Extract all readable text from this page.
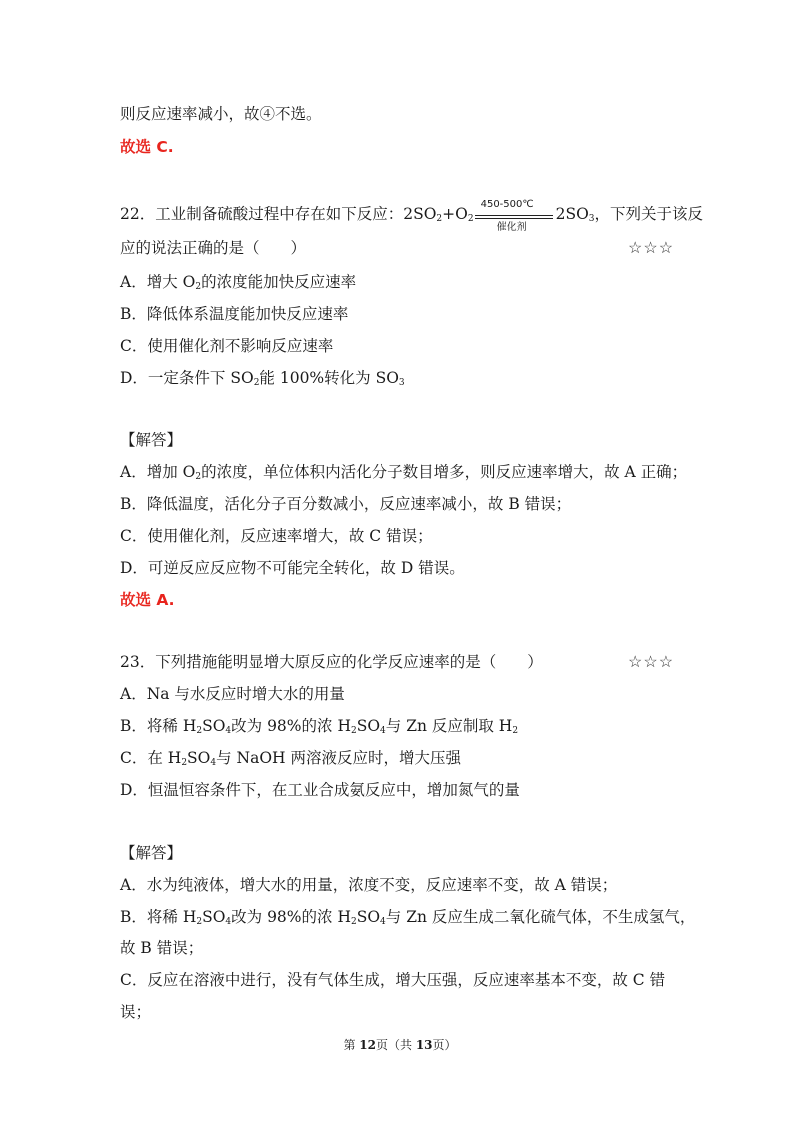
则反应速率减小，故④不选。
故选 C.
22．工业制备硫酸过程中存在如下反应：$2SO_2+O_2$
450-500℃
催化剂
$2SO_3$，下列关于该反
应的说法正确的是（　　）	☆☆☆
A．增大 $O_2$的浓度能加快反应速率
B．降低体系温度能加快反应速率
C．使用催化剂不影响反应速率
D．一定条件下 $SO_2$能 100%转化为 $SO_3$
【解答】
A．增加 $O_2$的浓度，单位体积内活化分子数目增多，则反应速率增大，故 A 正确；
B．降低温度，活化分子百分数减小，反应速率减小，故 B 错误；
C．使用催化剂，反应速率增大，故 C 错误；
D．可逆反应反应物不可能完全转化，故 D 错误。
故选 A.
23．下列措施能明显增大原反应的化学反应速率的是（　　）	☆☆☆
A．Na 与水反应时增大水的用量
B．将稀 $H_2SO_4$改为 98%的浓 $H_2SO_4$与 Zn 反应制取 $H_2$
C．在 $H_2SO_4$与 NaOH 两溶液反应时，增大压强
D．恒温恒容条件下，在工业合成氨反应中，增加氮气的量
【解答】
A．水为纯液体，增大水的用量，浓度不变，反应速率不变，故 A 错误；
B．将稀 $H_2SO_4$改为 98%的浓 $H_2SO_4$与 Zn 反应生成二氧化硫气体，不生成氢气，
故 B 错误；
C．反应在溶液中进行，没有气体生成，增大压强，反应速率基本不变，故 C 错
误；
第 12页（共 13页）
